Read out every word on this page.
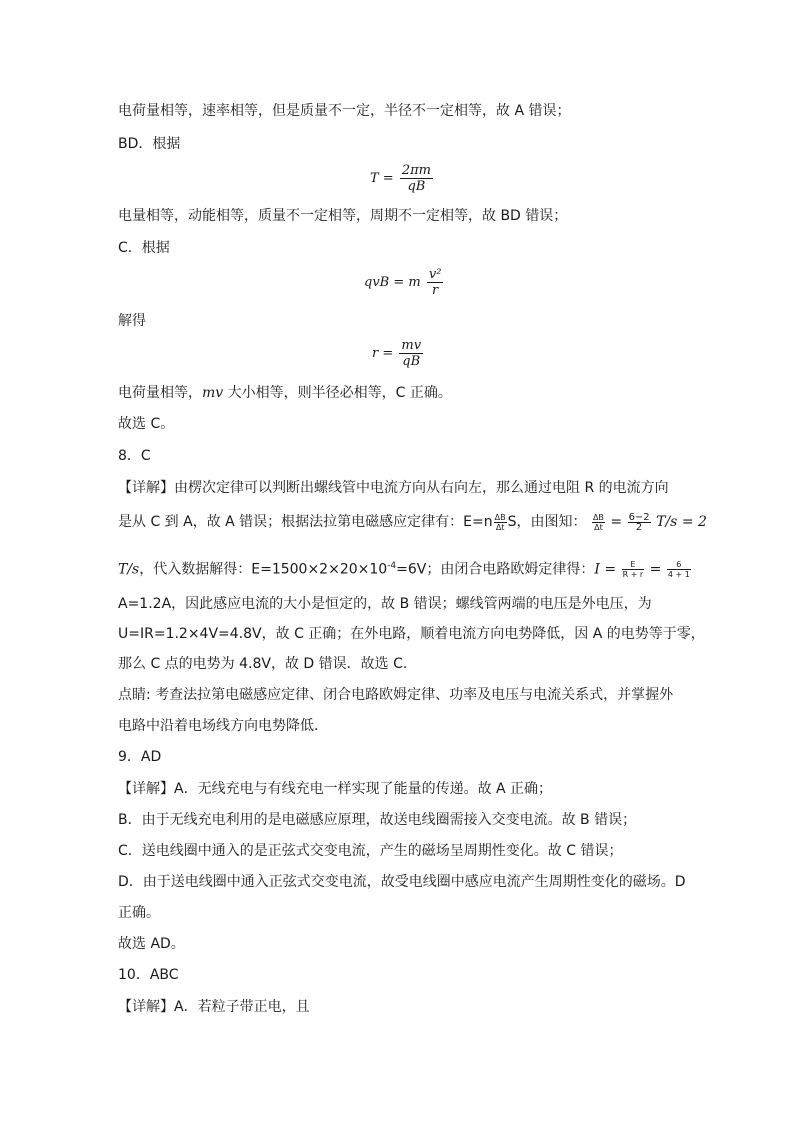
电荷量相等，速率相等，但是质量不一定，半径不一定相等，故 A 错误；
BD．根据
$T = \frac{2\pi m}{qB}$
电量相等，动能相等，质量不一定相等，周期不一定相等，故 BD 错误；
C．根据
qvB = m $\frac{\text{v²}}{r}$
解得
$r = \frac{mv}{qB}$
电荷量相等，mv 大小相等，则半径必相等，C 正确。
故选 C。
8．C
【详解】由楞次定律可以判断出螺线管中电流方向从右向左，那么通过电阻 R 的电流方向
是从 C 到 A，故 A 错误；根据法拉第电磁感应定律有：$E=n \frac{\Delta B}{\Delta t}$ S，由图知： $\frac{\Delta B}{\Delta t} = \frac{6-2}{2} T/s = 2$
T/s，代入数据解得：$E=1500\times 2\times 20\times 10^{-4}=6V$；由闭合电路欧姆定律得：$I = \frac{E}{R + r} = \frac{6}{4 + 1}$
A=1.2A，因此感应电流的大小是恒定的，故 B 错误；螺线管两端的电压是外电压，为
U=IR=1.2×4V=4.8V，故 C 正确；在外电路，顺着电流方向电势降低，因 A 的电势等于零，
那么 C 点的电势为 4.8V，故 D 错误．故选 C．
点睛: 考查法拉第电磁感应定律、闭合电路欧姆定律、功率及电压与电流关系式，并掌握外
电路中沿着电场线方向电势降低．
9．AD
【详解】A．无线充电与有线充电一样实现了能量的传递。故 A 正确；
B．由于无线充电利用的是电磁感应原理，故送电线圈需接入交变电流。故 B 错误；
C．送电线圈中通入的是正弦式交变电流，产生的磁场呈周期性变化。故 C 错误；
D．由于送电线圈中通入正弦式交变电流，故受电线圈中感应电流产生周期性变化的磁场。D
正确。
故选 AD。
10．ABC
【详解】A．若粒子带正电，且
